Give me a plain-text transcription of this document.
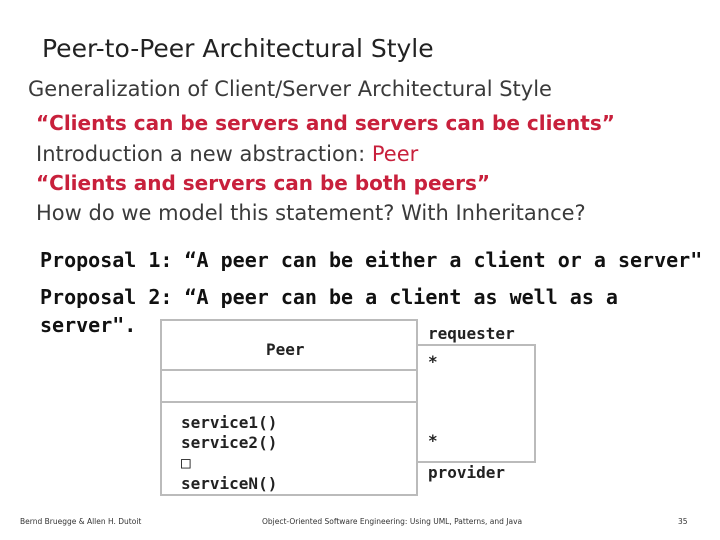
Peer-to-Peer Architectural Style
Generalization of Client/Server Architectural Style
“Clients can be servers and servers can be clients”
Introduction a new abstraction: Peer
“Clients and servers can be both peers”
How do we model this statement? With Inheritance?
Proposal 1: “A peer can be either a client or a server"
Proposal 2: “A peer can be a client as well as a
server".
Peer
service1()
service2()
□
serviceN()
requester
*
*
provider
Bernd Bruegge & Allen H. Dutoit	Object-Oriented Software Engineering: Using UML, Patterns, and Java	35
